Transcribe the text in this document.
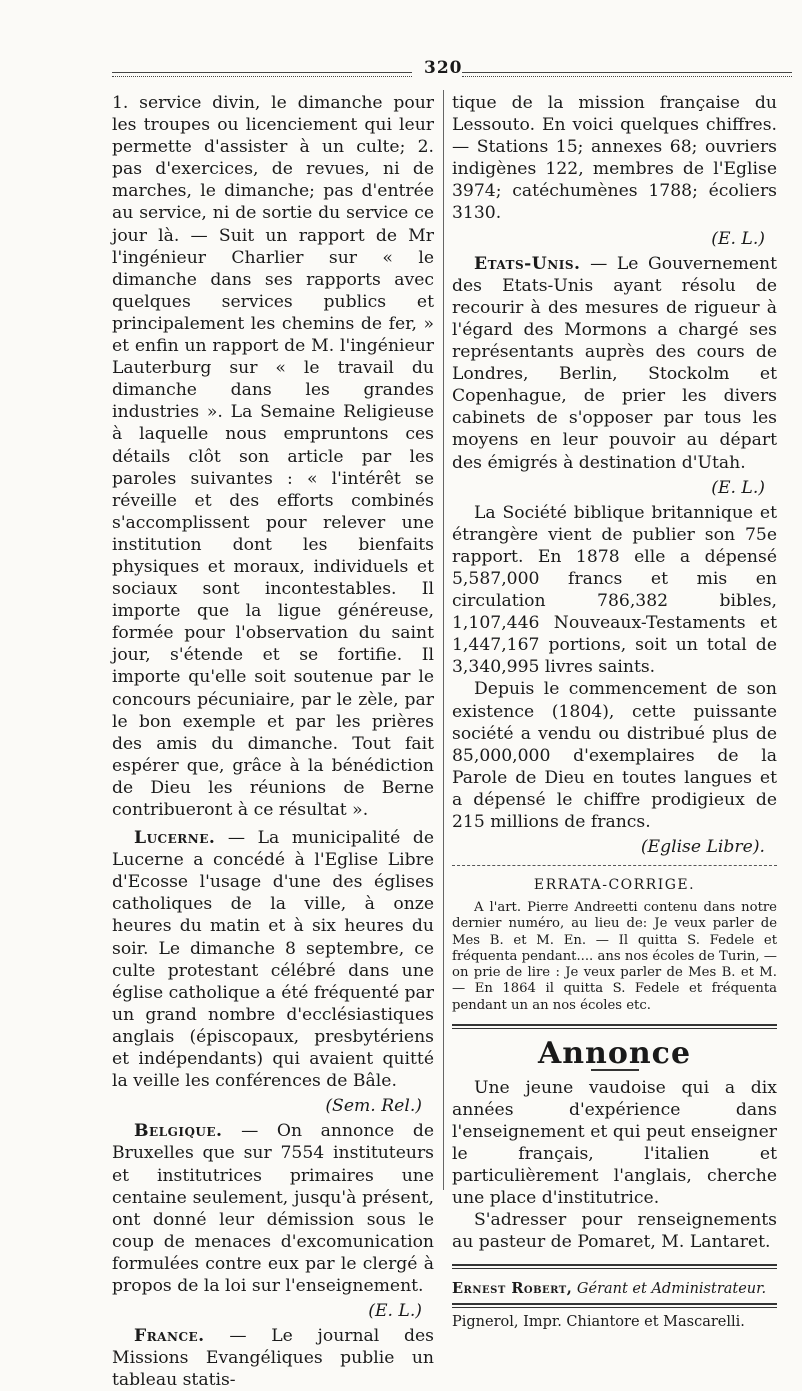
320

1. service divin, le dimanche pour les troupes ou licenciement qui leur permette d'assister à un culte; 2. pas d'exercices, de revues, ni de marches, le dimanche; pas d'entrée au service, ni de sortie du service ce jour là. — Suit un rapport de Mr l'ingénieur Charlier sur « le dimanche dans ses rapports avec quelques services publics et principalement les chemins de fer, » et enfin un rapport de M. l'ingénieur Lauterburg sur « le travail du dimanche dans les grandes industries ». La Semaine Religieuse à laquelle nous empruntons ces détails clôt son article par les paroles suivantes : « l'intérêt se réveille et des efforts combinés s'accomplissent pour relever une institution dont les bienfaits physiques et moraux, individuels et sociaux sont incontestables. Il importe que la ligue généreuse, formée pour l'observation du saint jour, s'étende et se fortifie. Il importe qu'elle soit soutenue par le concours pécuniaire, par le zèle, par le bon exemple et par les prières des amis du dimanche. Tout fait espérer que, grâce à la bénédiction de Dieu les réunions de Berne contribueront à ce résultat ».

Lucerne. — La municipalité de Lucerne a concédé à l'Eglise Libre d'Ecosse l'usage d'une des églises catholiques de la ville, à onze heures du matin et à six heures du soir. Le dimanche 8 septembre, ce culte protestant célébré dans une église catholique a été fréquenté par un grand nombre d'ecclésiastiques anglais (épiscopaux, presbytériens et indépendants) qui avaient quitté la veille les conférences de Bâle.

(Sem. Rel.)

Belgique. — On annonce de Bruxelles que sur 7554 instituteurs et institutrices primaires une centaine seulement, jusqu'à présent, ont donné leur démission sous le coup de menaces d'excomunication formulées contre eux par le clergé à propos de la loi sur l'enseignement.

(E. L.)

France. — Le journal des Missions Evangéliques publie un tableau statis-

tique de la mission française du Lessouto. En voici quelques chiffres. — Stations 15; annexes 68; ouvriers indigènes 122, membres de l'Eglise 3974; catéchumènes 1788; écoliers 3130.

(E. L.)

Etats-Unis. — Le Gouvernement des Etats-Unis ayant résolu de recourir à des mesures de rigueur à l'égard des Mormons a chargé ses représentants auprès des cours de Londres, Berlin, Stockolm et Copenhague, de prier les divers cabinets de s'opposer par tous les moyens en leur pouvoir au départ des émigrés à destination d'Utah.

(E. L.)

La Société biblique britannique et étrangère vient de publier son 75e rapport. En 1878 elle a dépensé 5,587,000 francs et mis en circulation 786,382 bibles, 1,107,446 Nouveaux-Testaments et 1,447,167 portions, soit un total de 3,340,995 livres saints.

Depuis le commencement de son existence (1804), cette puissante société a vendu ou distribué plus de 85,000,000 d'exemplaires de la Parole de Dieu en toutes langues et a dépensé le chiffre prodigieux de 215 millions de francs.

(Eglise Libre).

ERRATA-CORRIGE.

A l'art. Pierre Andreetti contenu dans notre dernier numéro, au lieu de: Je veux parler de Mes B. et M. En. — Il quitta S. Fedele et fréquenta pendant.... ans nos écoles de Turin, — on prie de lire : Je veux parler de Mes B. et M. — En 1864 il quitta S. Fedele et fréquenta pendant un an nos écoles etc.

Annonce

Une jeune vaudoise qui a dix années d'expérience dans l'enseignement et qui peut enseigner le français, l'italien et particulièrement l'anglais, cherche une place d'institutrice.

S'adresser pour renseignements au pasteur de Pomaret, M. Lantaret.

Ernest Robert, Gérant et Administrateur.

Pignerol, Impr. Chiantore et Mascarelli.
